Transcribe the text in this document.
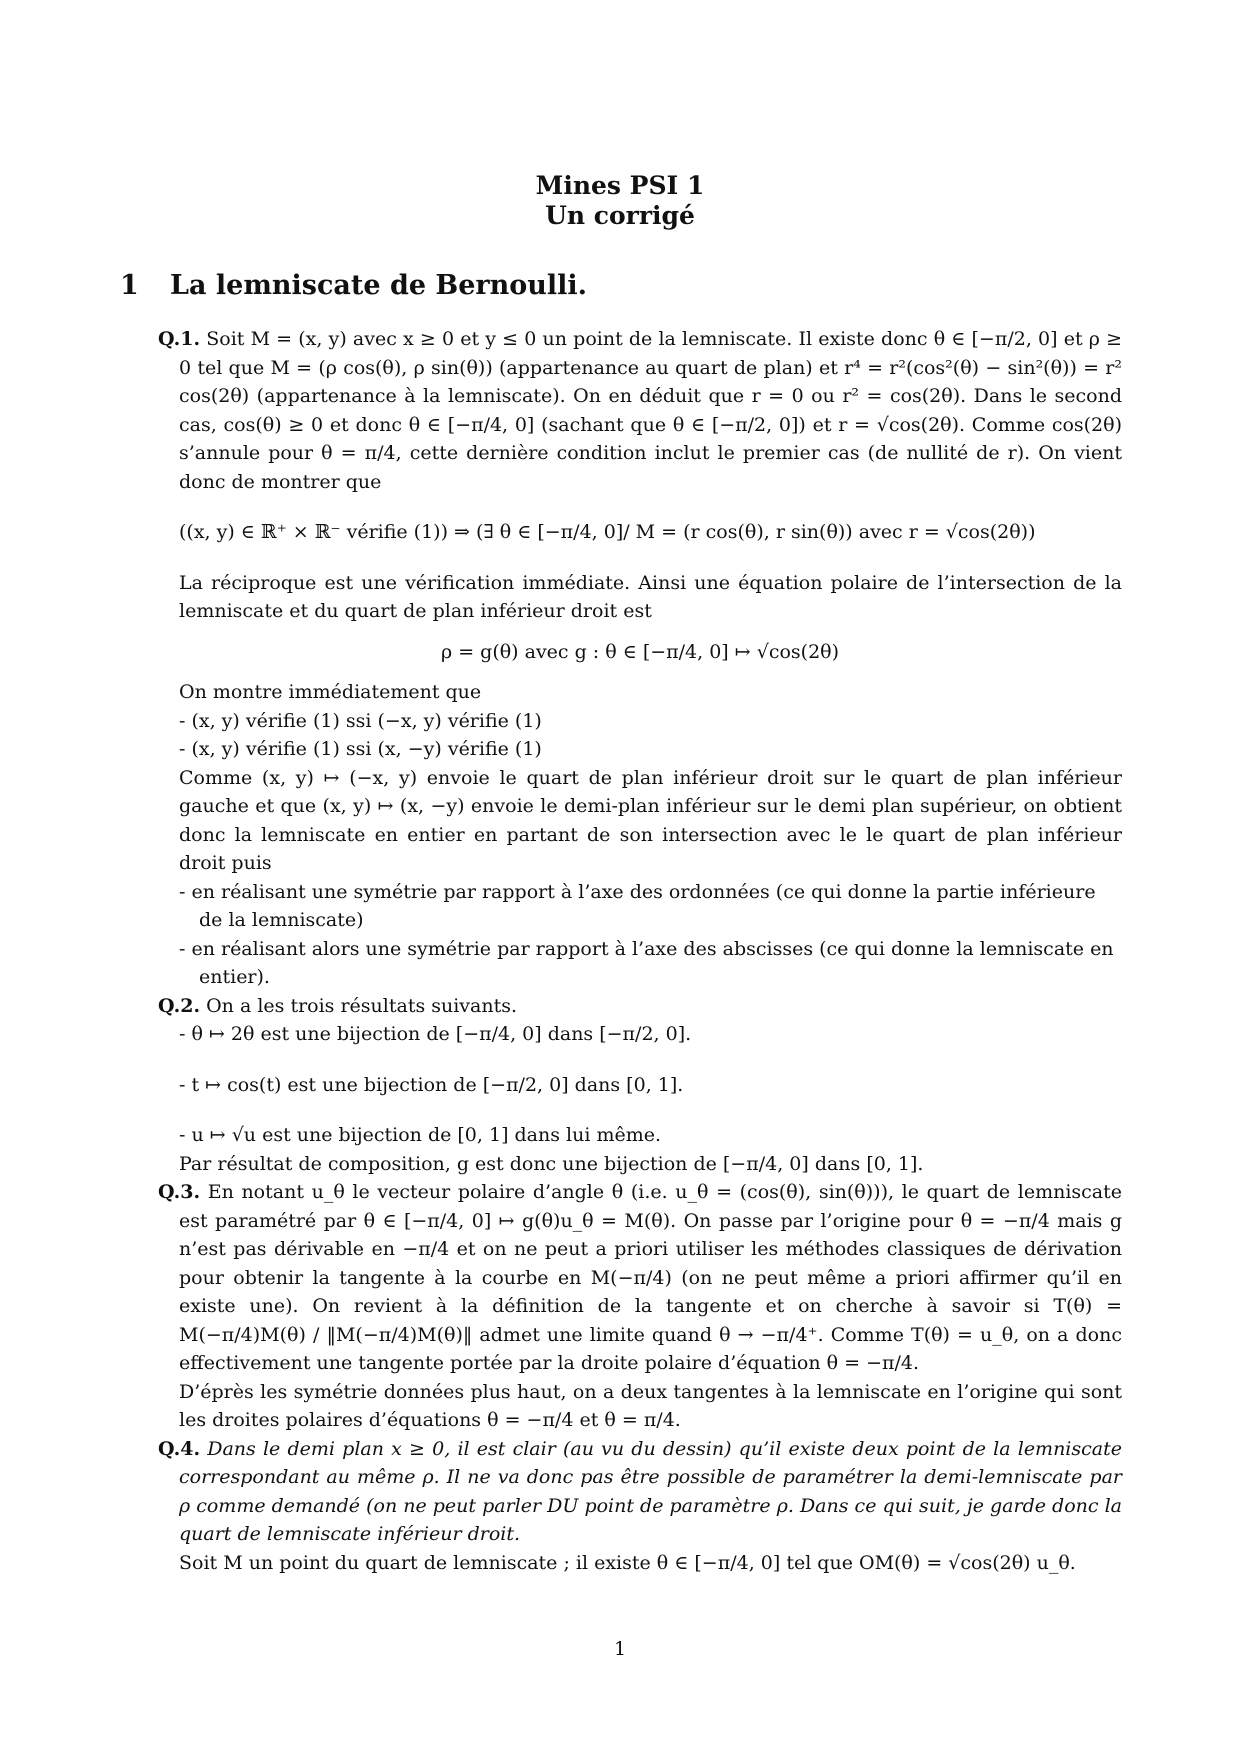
Mines PSI 1
Un corrigé
1 La lemniscate de Bernoulli.

Q.1. Soit M = (x, y) avec x ≥ 0 et y ≤ 0 un point de la lemniscate. Il existe donc θ ∈ [−π/2, 0] et ρ ≥ 0 tel que M = (ρ cos(θ), ρ sin(θ)) (appartenance au quart de plan) et r⁴ = r²(cos²(θ) − sin²(θ)) = r² cos(2θ) (appartenance à la lemniscate). On en déduit que r = 0 ou r² = cos(2θ). Dans le second cas, cos(θ) ≥ 0 et donc θ ∈ [−π/4, 0] (sachant que θ ∈ [−π/2, 0]) et r = √cos(2θ). Comme cos(2θ) s’annule pour θ = π/4, cette dernière condition inclut le premier cas (de nullité de r). On vient donc de montrer que

((x, y) ∈ ℝ⁺ × ℝ⁻ vérifie (1)) ⇒ (∃ θ ∈ [−π/4, 0]/ M = (r cos(θ), r sin(θ)) avec r = √cos(2θ))

La réciproque est une vérification immédiate. Ainsi une équation polaire de l’intersection de la lemniscate et du quart de plan inférieur droit est

ρ = g(θ) avec g : θ ∈ [−π/4, 0] ↦ √cos(2θ)

On montre immédiatement que

- (x, y) vérifie (1) ssi (−x, y) vérifie (1)

- (x, y) vérifie (1) ssi (x, −y) vérifie (1)

Comme (x, y) ↦ (−x, y) envoie le quart de plan inférieur droit sur le quart de plan inférieur gauche et que (x, y) ↦ (x, −y) envoie le demi-plan inférieur sur le demi plan supérieur, on obtient donc la lemniscate en entier en partant de son intersection avec le le quart de plan inférieur droit puis

- en réalisant une symétrie par rapport à l’axe des ordonnées (ce qui donne la partie inférieure de la lemniscate)

- en réalisant alors une symétrie par rapport à l’axe des abscisses (ce qui donne la lemniscate en entier).

Q.2. On a les trois résultats suivants.

- θ ↦ 2θ est une bijection de [−π/4, 0] dans [−π/2, 0].

- t ↦ cos(t) est une bijection de [−π/2, 0] dans [0, 1].

- u ↦ √u est une bijection de [0, 1] dans lui même.

Par résultat de composition, g est donc une bijection de [−π/4, 0] dans [0, 1].

Q.3. En notant u_θ le vecteur polaire d’angle θ (i.e. u_θ = (cos(θ), sin(θ))), le quart de lemniscate est paramétré par θ ∈ [−π/4, 0] ↦ g(θ)u_θ = M(θ). On passe par l’origine pour θ = −π/4 mais g n’est pas dérivable en −π/4 et on ne peut a priori utiliser les méthodes classiques de dérivation pour obtenir la tangente à la courbe en M(−π/4) (on ne peut même a priori affirmer qu’il en existe une). On revient à la définition de la tangente et on cherche à savoir si T(θ) = M(−π/4)M(θ) / ‖M(−π/4)M(θ)‖ admet une limite quand θ → −π/4⁺. Comme T(θ) = u_θ, on a donc effectivement une tangente portée par la droite polaire d’équation θ = −π/4.

D’éprès les symétrie données plus haut, on a deux tangentes à la lemniscate en l’origine qui sont les droites polaires d’équations θ = −π/4 et θ = π/4.

Q.4. Dans le demi plan x ≥ 0, il est clair (au vu du dessin) qu’il existe deux point de la lemniscate correspondant au même ρ. Il ne va donc pas être possible de paramétrer la demi-lemniscate par ρ comme demandé (on ne peut parler DU point de paramètre ρ. Dans ce qui suit, je garde donc la quart de lemniscate inférieur droit.

Soit M un point du quart de lemniscate ; il existe θ ∈ [−π/4, 0] tel que OM(θ) = √cos(2θ) u_θ.

1
